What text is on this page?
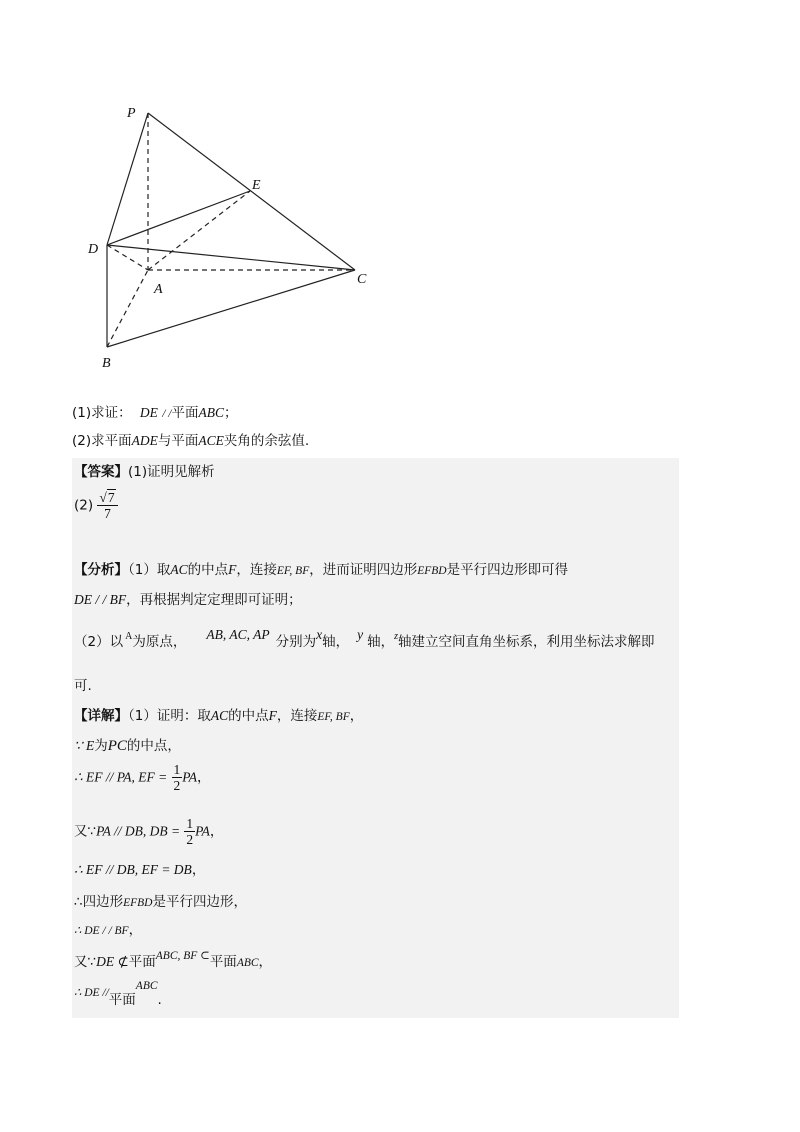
P
E
D
A
C
B
(1)求证： DE / /平面ABC；
(2)求平面ADE与平面ACE夹角的余弦值.
【答案】(1)证明见解析
$(2) \frac{√7}{7}$
【分析】（1）取AC的中点F，连接EF, BF，进而证明四边形EFBD是平行四边形即可得
DE / / BF，再根据判定定理即可证明；
（2）以 $^A$为原点， AB, AC, AP 分别为x轴， y 轴，$^z$轴建立空间直角坐标系，利用坐标法求解即
可.
【详解】（1）证明：取AC的中点F，连接EF, BF，
∵ E为PC的中点，
∴ EF // PA, EF = $\frac{1}{2}$ PA，
又∵PA // DB, DB = $\frac{1}{2}$ PA，
∴ EF // DB, EF = DB，
∴四边形EFBD是平行四边形，
∴ DE / / BF，
又∵DE ⊄平面ABC, BF ⊂平面ABC，
∴ DE //平面ABC.
